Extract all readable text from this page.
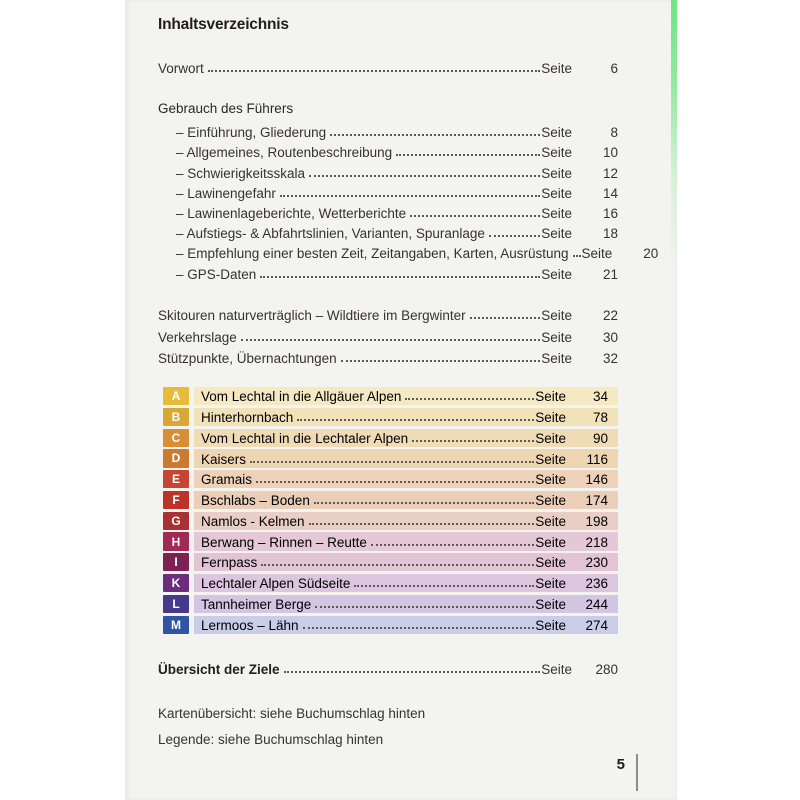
Inhaltsverzeichnis
Vorwort	Seite	6
Gebrauch des Führers
– Einführung, Gliederung	Seite	8
– Allgemeines, Routenbeschreibung	Seite	10
– Schwierigkeitsskala	Seite	12
– Lawinengefahr	Seite	14
– Lawinenlageberichte, Wetterberichte	Seite	16
– Aufstiegs- & Abfahrtslinien, Varianten, Spuranlage	Seite	18
– Empfehlung einer besten Zeit, Zeitangaben, Karten, Ausrüstung Seite	20
– GPS-Daten	Seite	21
Skitouren naturverträglich – Wildtiere im Bergwinter	Seite	22
Verkehrslage	Seite	30
Stützpunkte, Übernachtungen	Seite	32
A	Vom Lechtal in die Allgäuer Alpen	Seite	34
B	Hinterhornbach	Seite	78
C	Vom Lechtal in die Lechtaler Alpen	Seite	90
D	Kaisers	Seite	116
E	Gramais	Seite	146
F	Bschlabs – Boden	Seite	174
G	Namlos - Kelmen	Seite	198
H	Berwang – Rinnen – Reutte	Seite	218
I	Fernpass	Seite	230
K	Lechtaler Alpen Südseite	Seite	236
L	Tannheimer Berge	Seite	244
M	Lermoos – Lähn	Seite	274
Übersicht der Ziele	Seite	280
Kartenübersicht: siehe Buchumschlag hinten
Legende: siehe Buchumschlag hinten
5
